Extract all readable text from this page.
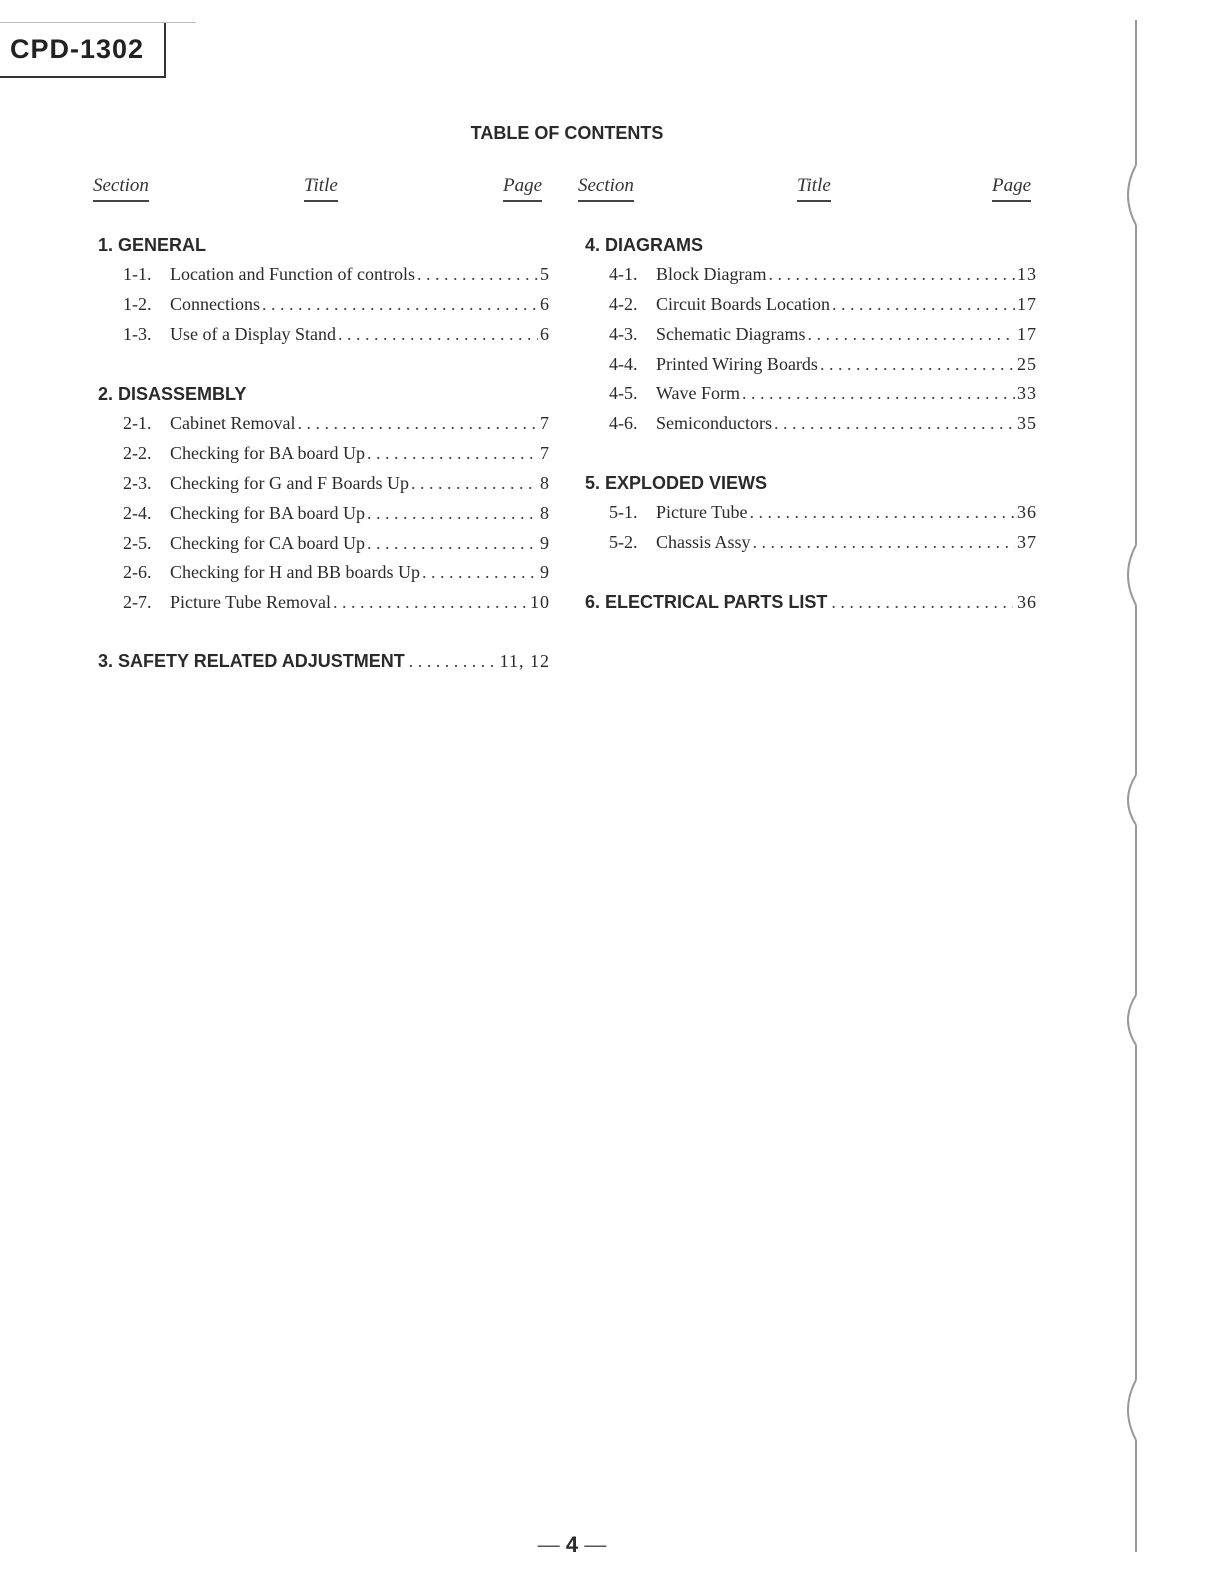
CPD-1302
TABLE OF CONTENTS
Section	Title	Page Section	Title	Page
1. GENERAL
1-1.	Location and Function of controls . . .	5
1-2.	Connections . . .	6
1-3.	Use of a Display Stand . . .	6
2. DISASSEMBLY
2-1.	Cabinet Removal . . .	7
2-2.	Checking for BA board Up . . .	7
2-3.	Checking for G and F Boards Up . . .	8
2-4.	Checking for BA board Up . . .	8
2-5.	Checking for CA board Up . . .	9
2-6.	Checking for H and BB boards Up . . .	9
2-7.	Picture Tube Removal . . .	10
3. SAFETY RELATED ADJUSTMENT . . .	11, 12
4. DIAGRAMS
4-1.	Block Diagram . . .	13
4-2.	Circuit Boards Location . . .	17
4-3.	Schematic Diagrams . . .	17
4-4.	Printed Wiring Boards . . .	25
4-5.	Wave Form . . .	33
4-6.	Semiconductors . . .	35
5. EXPLODED VIEWS
5-1.	Picture Tube . . .	36
5-2.	Chassis Assy . . .	37
6. ELECTRICAL PARTS LIST . . .	36
— 4 —
